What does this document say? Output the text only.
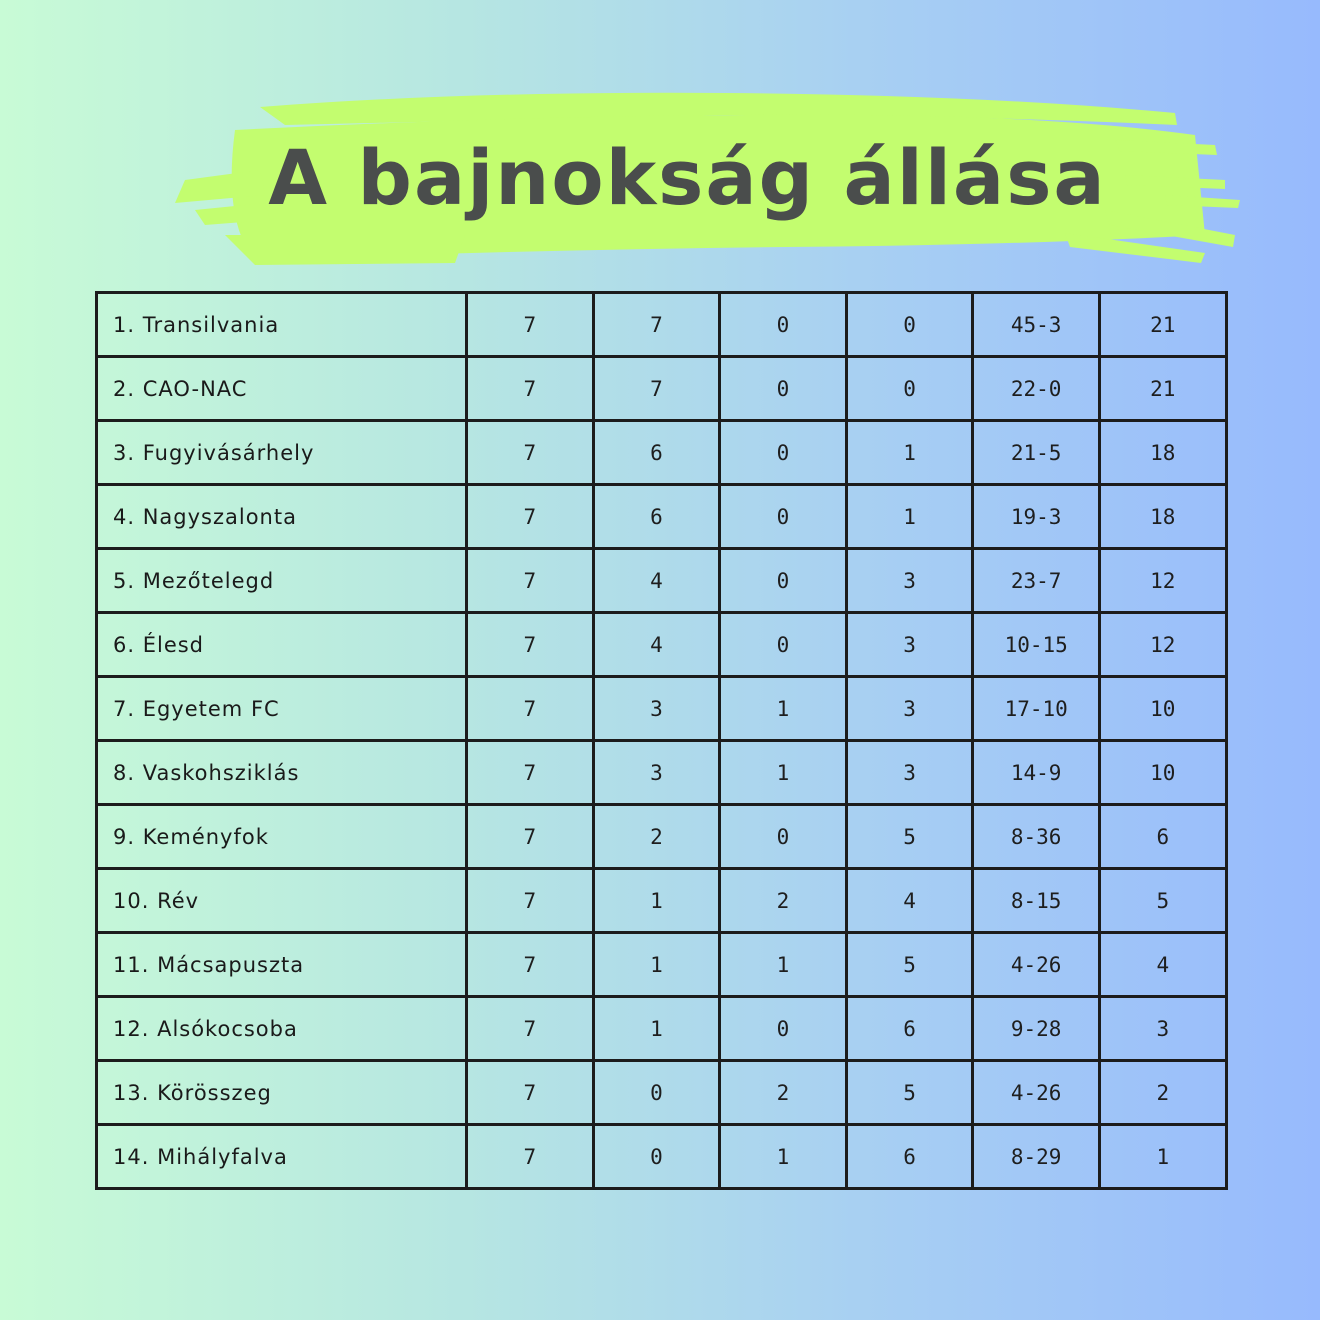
A bajnokság állása
1. Transilvania	7	7	0	0	45-3	21
2. CAO-NAC	7	7	0	0	22-0	21
3. Fugyivásárhely	7	6	0	1	21-5	18
4. Nagyszalonta	7	6	0	1	19-3	18
5. Mezőtelegd	7	4	0	3	23-7	12
6. Élesd	7	4	0	3	10-15	12
7. Egyetem FC	7	3	1	3	17-10	10
8. Vaskohsziklás	7	3	1	3	14-9	10
9. Keményfok	7	2	0	5	8-36	6
10. Rév	7	1	2	4	8-15	5
11. Mácsapuszta	7	1	1	5	4-26	4
12. Alsókocsoba	7	1	0	6	9-28	3
13. Körösszeg	7	0	2	5	4-26	2
14. Mihályfalva	7	0	1	6	8-29	1
